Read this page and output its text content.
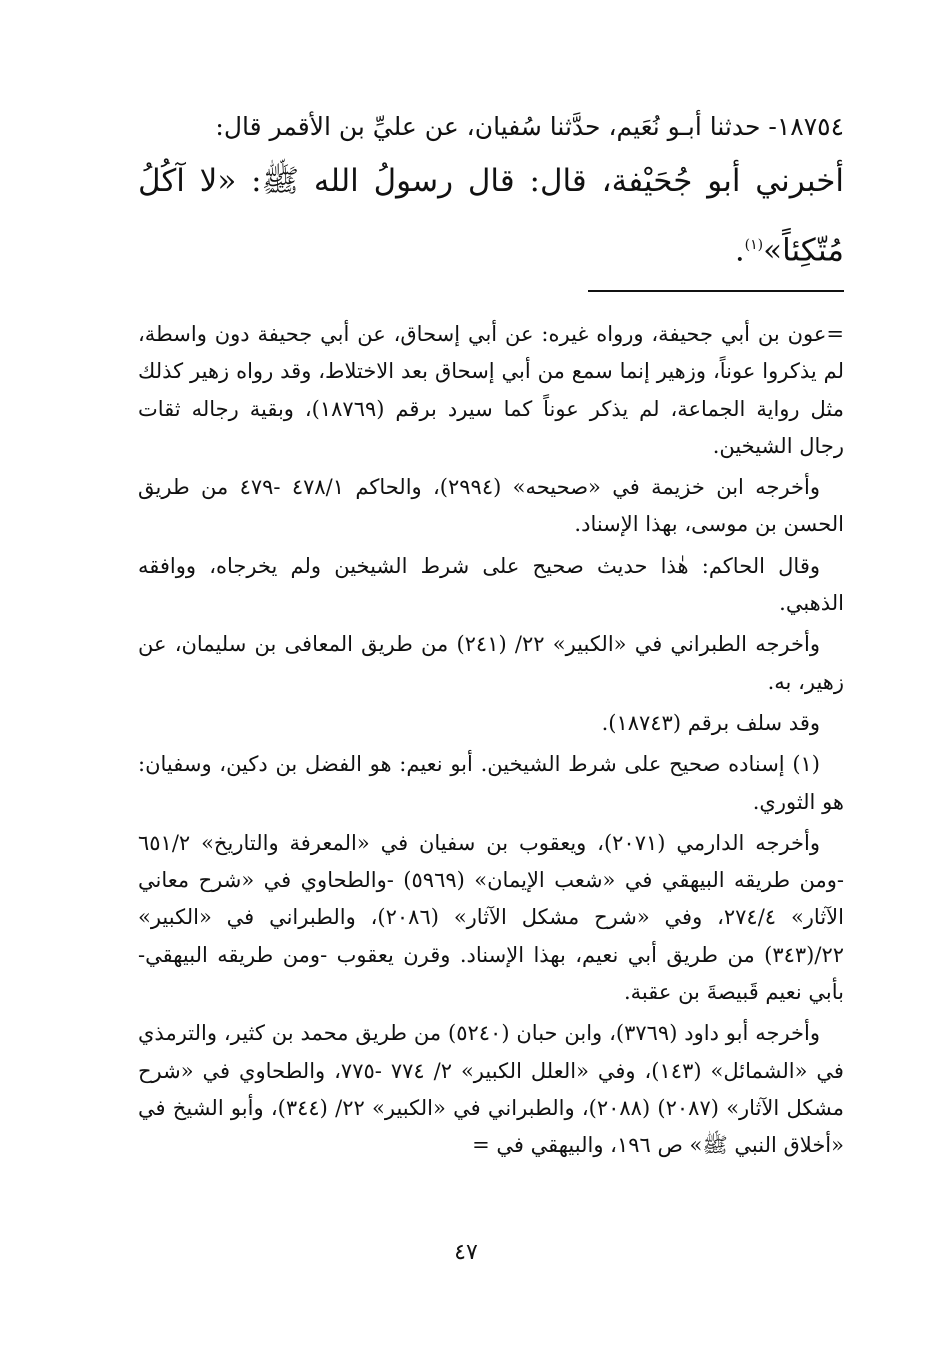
١٨٧٥٤- حدثنا أبـو نُعَيم، حدَّثنا سُفيان، عن عليِّ بن الأقمر قال:

أخبرني أبو جُحَيْفة، قال: قال رسولُ الله ﷺ: «لا آكُلُ مُتّكِئاً»$^{(١)}$.

=عون بن أبي جحيفة، ورواه غيره: عن أبي إسحاق، عن أبي جحيفة دون واسطة، لم يذكروا عوناً، وزهير إنما سمع من أبي إسحاق بعد الاختلاط، وقد رواه زهير كذلك مثل رواية الجماعة، لم يذكر عوناً كما سيرد برقم (١٨٧٦٩)، وبقية رجاله ثقات رجال الشيخين.

وأخرجه ابن خزيمة في «صحيحه» (٢٩٩٤)، والحاكم ٤٧٨/١ -٤٧٩ من طريق الحسن بن موسى، بهذا الإسناد.

وقال الحاكم: هٰذا حديث صحيح على شرط الشيخين ولم يخرجاه، ووافقه الذهبي.

وأخرجه الطبراني في «الكبير» ٢٢/ (٢٤١) من طريق المعافى بن سليمان، عن زهير، به.

وقد سلف برقم (١٨٧٤٣).

(١) إسناده صحيح على شرط الشيخين. أبو نعيم: هو الفضل بن دكين، وسفيان: هو الثوري.

وأخرجه الدارمي (٢٠٧١)، ويعقوب بن سفيان في «المعرفة والتاريخ» ٦٥١/٢ -ومن طريقه البيهقي في «شعب الإيمان» (٥٩٦٩) -والطحاوي في «شرح معاني الآثار» ٢٧٤/٤، وفي «شرح مشكل الآثار» (٢٠٨٦)، والطبراني في «الكبير» ٢٢/(٣٤٣) من طريق أبي نعيم، بهذا الإسناد. وقرن يعقوب -ومن طريقه البيهقي- بأبي نعيم قَبيصةَ بن عقبة.

وأخرجه أبو داود (٣٧٦٩)، وابن حبان (٥٢٤٠) من طريق محمد بن كثير، والترمذي في «الشمائل» (١٤٣)، وفي «العلل الكبير» ٢/ ٧٧٤ -٧٧٥، والطحاوي في «شرح مشكل الآثار» (٢٠٨٧) (٢٠٨٨)، والطبراني في «الكبير» ٢٢/ (٣٤٤)، وأبو الشيخ في «أخلاق النبي ﷺ» ص ١٩٦، والبيهقي في =

٤٧
